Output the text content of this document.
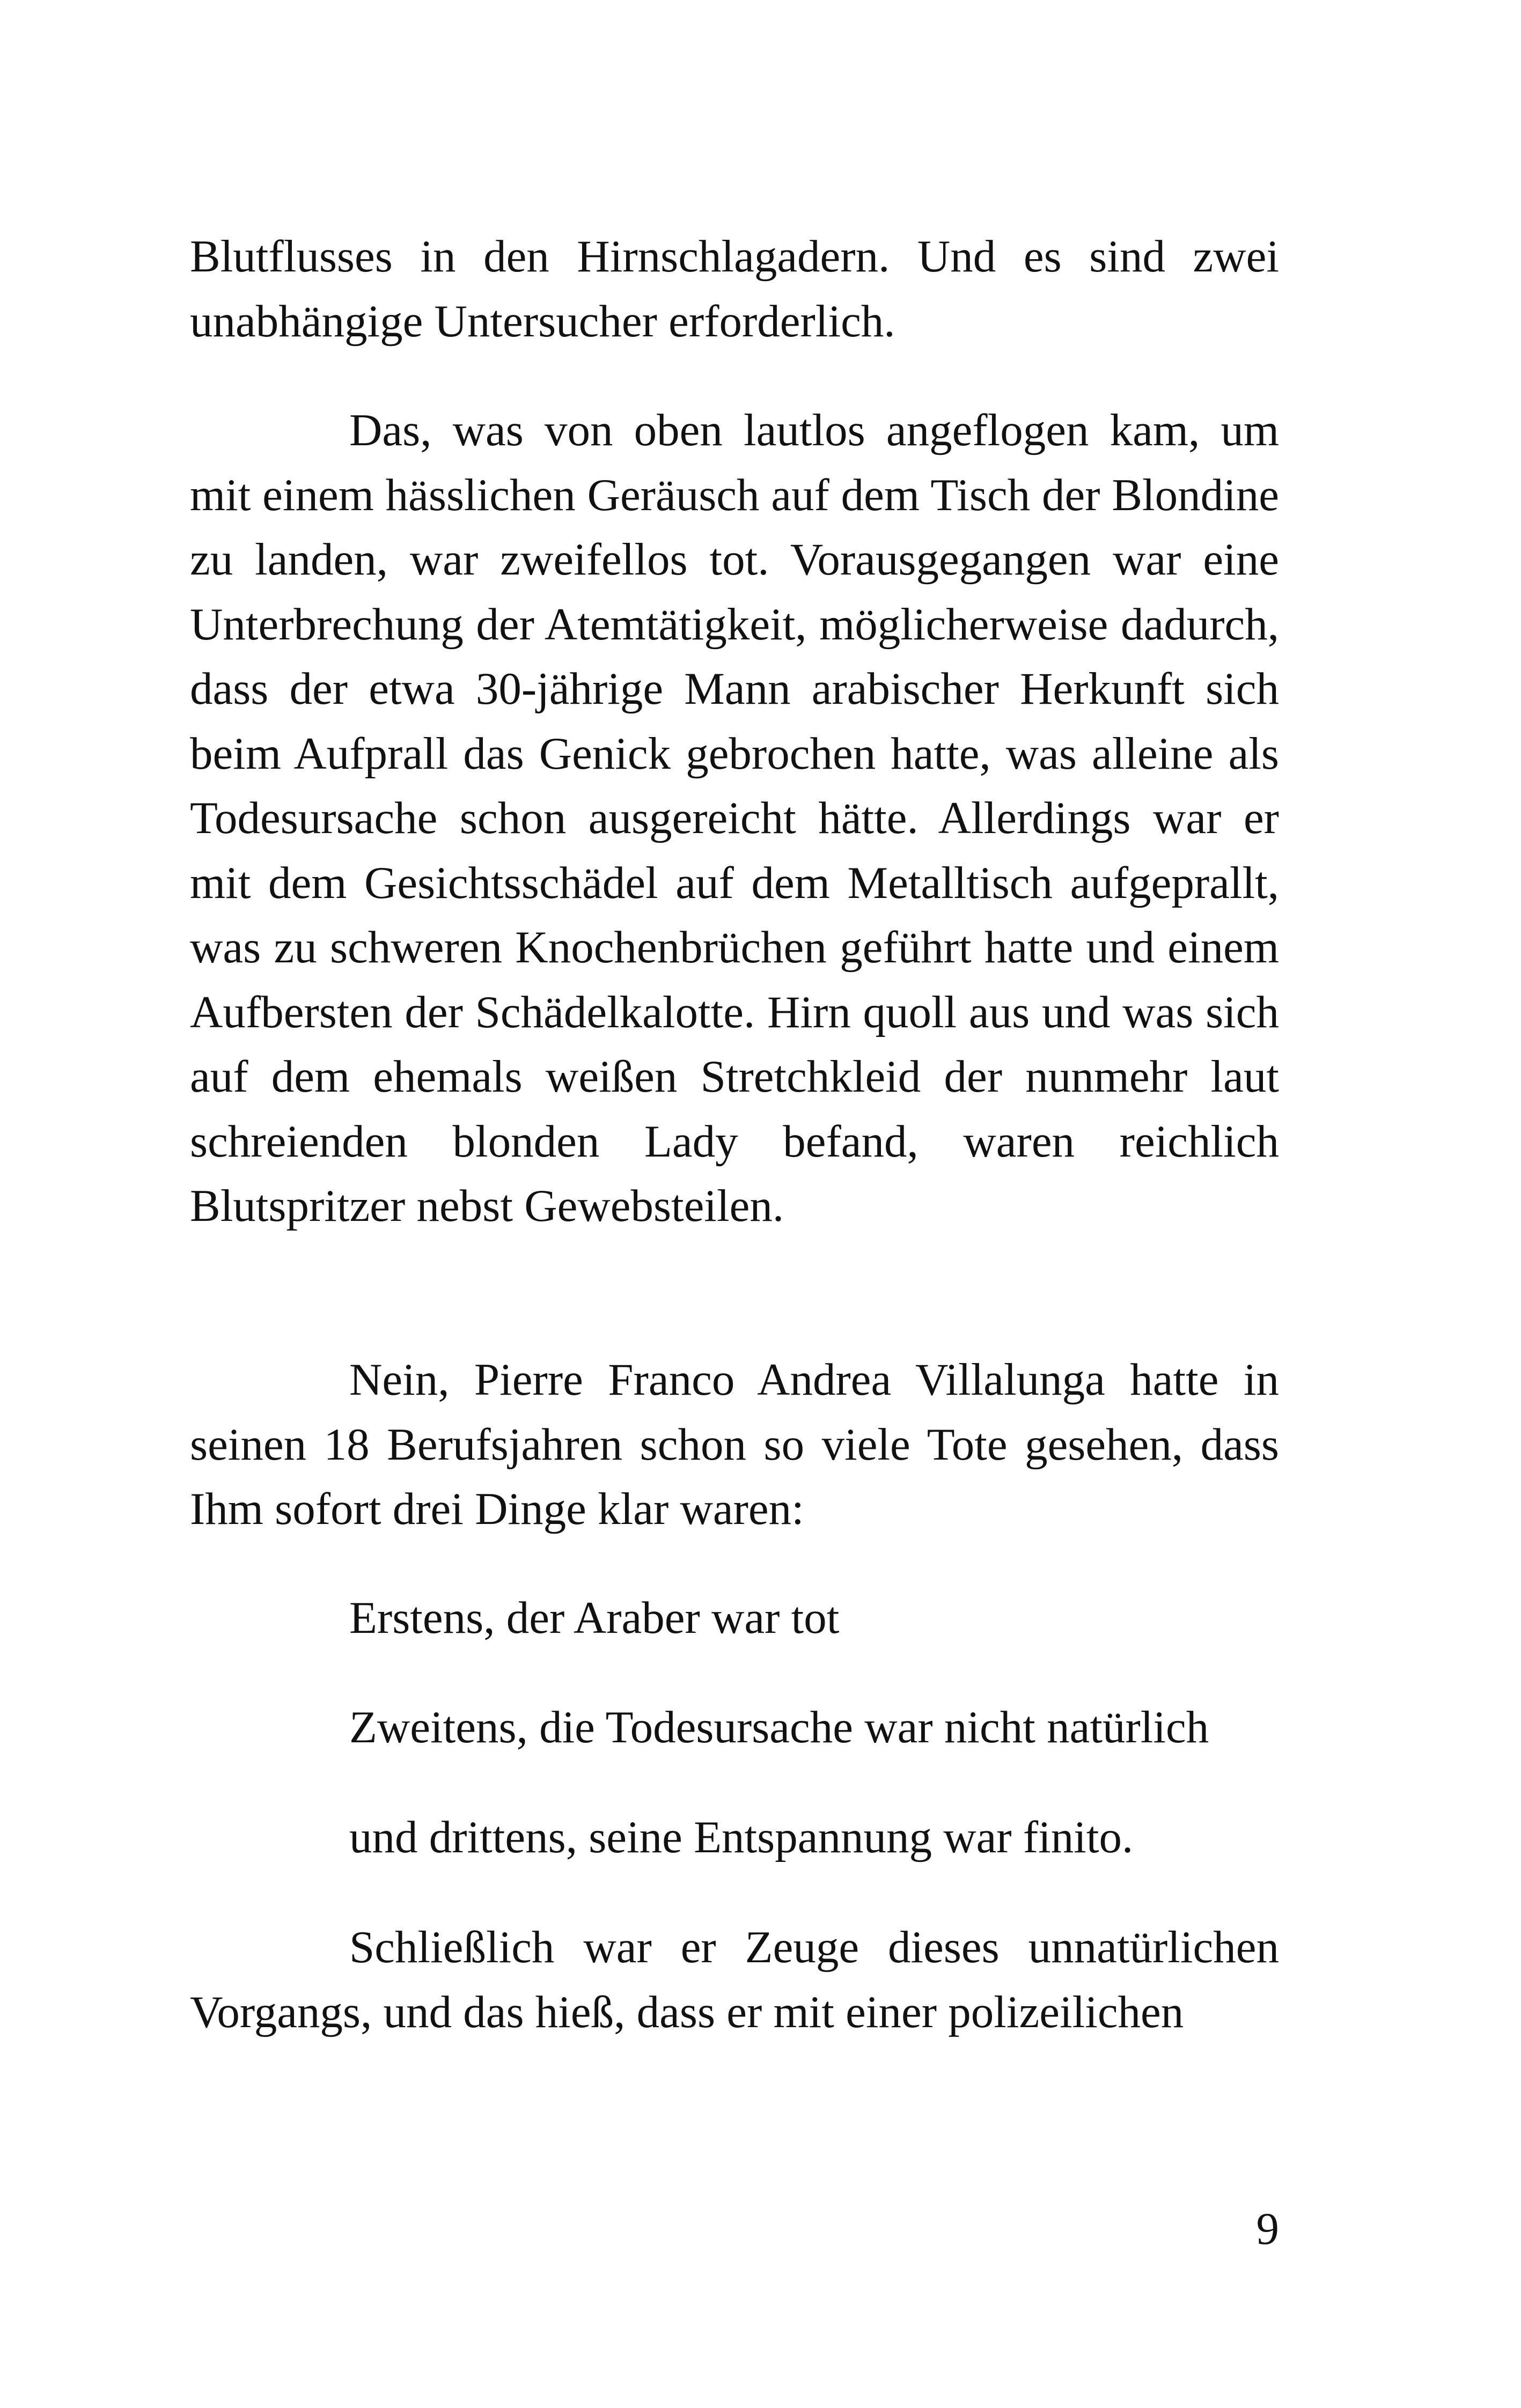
Blutflusses in den Hirnschlagadern. Und es sind zwei unabhängige Untersucher erforderlich.

Das, was von oben lautlos angeflogen kam, um mit einem hässlichen Geräusch auf dem Tisch der Blondine zu landen, war zweifellos tot. Vorausgegangen war eine Unterbrechung der Atemtätigkeit, möglicherweise dadurch, dass der etwa 30-jährige Mann arabischer Herkunft sich beim Aufprall das Genick gebrochen hatte, was alleine als Todesursache schon ausgereicht hätte. Allerdings war er mit dem Gesichtsschädel auf dem Metalltisch aufgeprallt, was zu schweren Knochenbrüchen geführt hatte und einem Aufbersten der Schädelkalotte. Hirn quoll aus und was sich auf dem ehemals weißen Stretchkleid der nunmehr laut schreienden blonden Lady befand, waren reichlich Blutspritzer nebst Gewebsteilen.

Nein, Pierre Franco Andrea Villalunga hatte in seinen 18 Berufsjahren schon so viele Tote gesehen, dass Ihm sofort drei Dinge klar waren:

Erstens, der Araber war tot
Zweitens, die Todesursache war nicht natürlich
und drittens, seine Entspannung war finito.

Schließlich war er Zeuge dieses unnatürlichen Vorgangs, und das hieß, dass er mit einer polizeilichen

9
